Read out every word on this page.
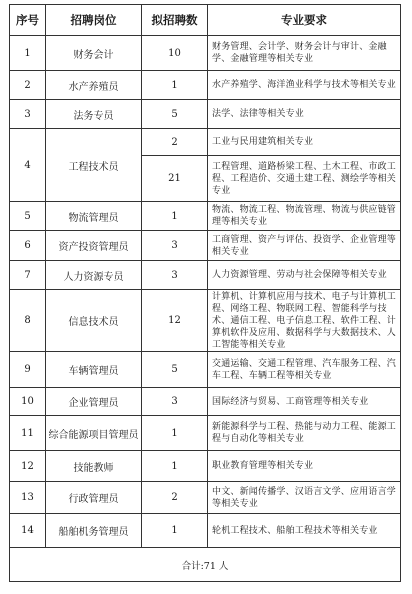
序号	招聘岗位	拟招聘数	专业要求
1	财务会计	10	财务管理、会计学、财务会计与审计、金融学、金融管理等相关专业
2	水产养殖员	1	水产养殖学、海洋渔业科学与技术等相关专业
3	法务专员	5	法学、法律等相关专业
4	工程技术员	2	工业与民用建筑相关专业
		21	工程管理、道路桥梁工程、土木工程、市政工程、工程造价、交通土建工程、测绘学等相关专业
5	物流管理员	1	物流、物流工程、物流管理、物流与供应链管理等相关专业
6	资产投资管理员	3	工商管理、资产与评估、投资学、企业管理等相关专业
7	人力资源专员	3	人力资源管理、劳动与社会保障等相关专业
8	信息技术员	12	计算机、计算机应用与技术、电子与计算机工程、网络工程、物联网工程、智能科学与技术、通信工程、电子信息工程、软件工程、计算机软件及应用、数据科学与大数据技术、人工智能等相关专业
9	车辆管理员	5	交通运输、交通工程管理、汽车服务工程、汽车工程、车辆工程等相关专业
10	企业管理员	3	国际经济与贸易、工商管理等相关专业
11	综合能源项目管理员	1	新能源科学与工程、热能与动力工程、能源工程与自动化等相关专业
12	技能教师	1	职业教育管理等相关专业
13	行政管理员	2	中文、新闻传播学、汉语言文学、应用语言学等相关专业
14	船舶机务管理员	1	轮机工程技术、船舶工程技术等相关专业
合计:71 人			
